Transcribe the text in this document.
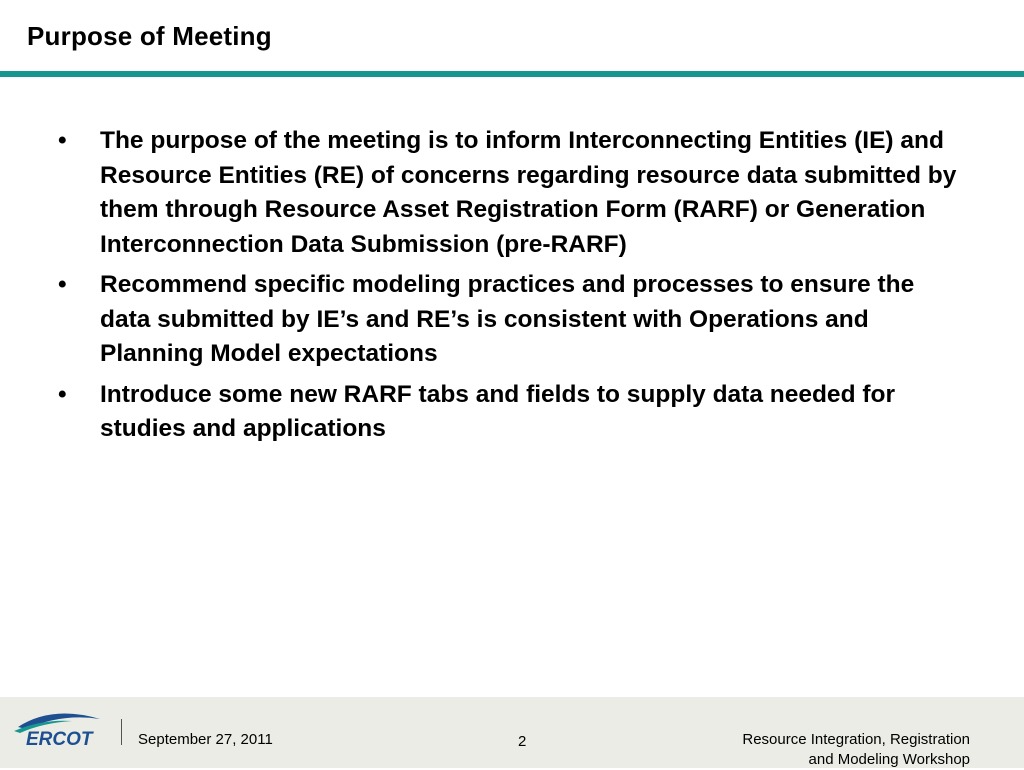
Purpose of Meeting
•	The purpose of the meeting is to inform Interconnecting Entities (IE) and Resource Entities (RE) of concerns regarding resource data submitted by them through Resource Asset Registration Form (RARF) or Generation Interconnection Data Submission (pre-RARF)
•	Recommend specific modeling practices and processes to ensure the data submitted by IE’s and RE’s is consistent with Operations and Planning Model expectations
•	Introduce some new RARF tabs and fields to supply data needed for studies and applications
ERCOT	September 27, 2011	2	Resource Integration, Registration
and Modeling Workshop
